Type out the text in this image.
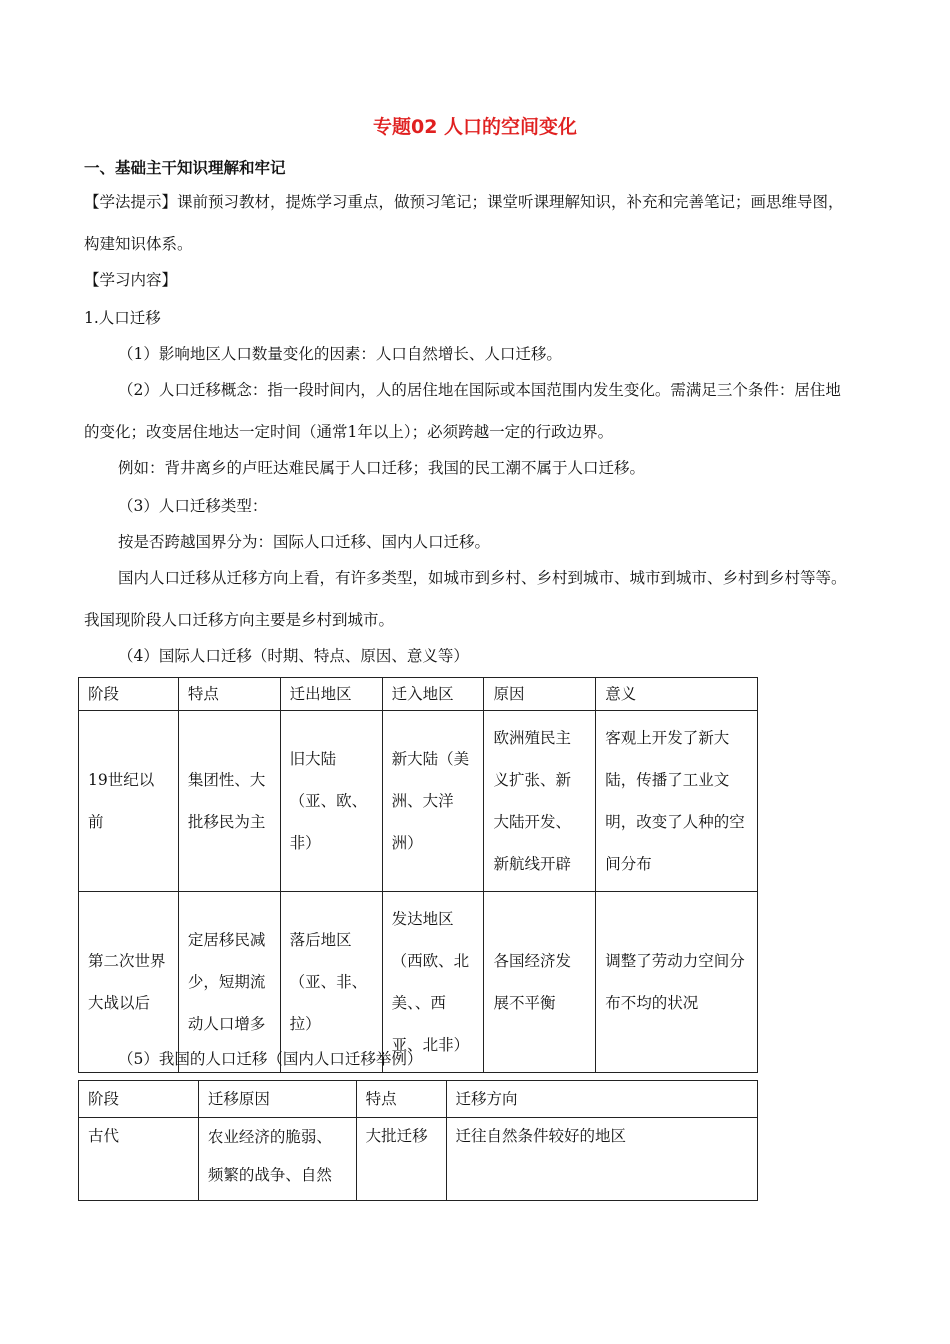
专题02 人口的空间变化
一、基础主干知识理解和牢记
【学法提示】课前预习教材，提炼学习重点，做预习笔记；课堂听课理解知识，补充和完善笔记；画思维导图，
构建知识体系。
【学习内容】
1.人口迁移
（1）影响地区人口数量变化的因素：人口自然增长、人口迁移。
（2）人口迁移概念：指一段时间内，人的居住地在国际或本国范围内发生变化。需满足三个条件：居住地
的变化；改变居住地达一定时间（通常1年以上）；必须跨越一定的行政边界。
例如：背井离乡的卢旺达难民属于人口迁移；我国的民工潮不属于人口迁移。
（3）人口迁移类型：
按是否跨越国界分为：国际人口迁移、国内人口迁移。
国内人口迁移从迁移方向上看，有许多类型，如城市到乡村、乡村到城市、城市到城市、乡村到乡村等等。
我国现阶段人口迁移方向主要是乡村到城市。
（4）国际人口迁移（时期、特点、原因、意义等）
阶段	特点	迁出地区	迁入地区	原因	意义
19世纪以前	集团性、大批移民为主	旧大陆（亚、欧、非）	新大陆（美洲、大洋洲）	欧洲殖民主义扩张、新大陆开发、新航线开辟	客观上开发了新大陆，传播了工业文明，改变了人种的空间分布
第二次世界大战以后	定居移民减少，短期流动人口增多	落后地区（亚、非、拉）	发达地区（西欧、北美、、西亚、北非）	各国经济发展不平衡	调整了劳动力空间分布不均的状况
（5）我国的人口迁移（国内人口迁移举例）
阶段	迁移原因	特点	迁移方向
古代	农业经济的脆弱、频繁的战争、自然	大批迁移	迁往自然条件较好的地区
